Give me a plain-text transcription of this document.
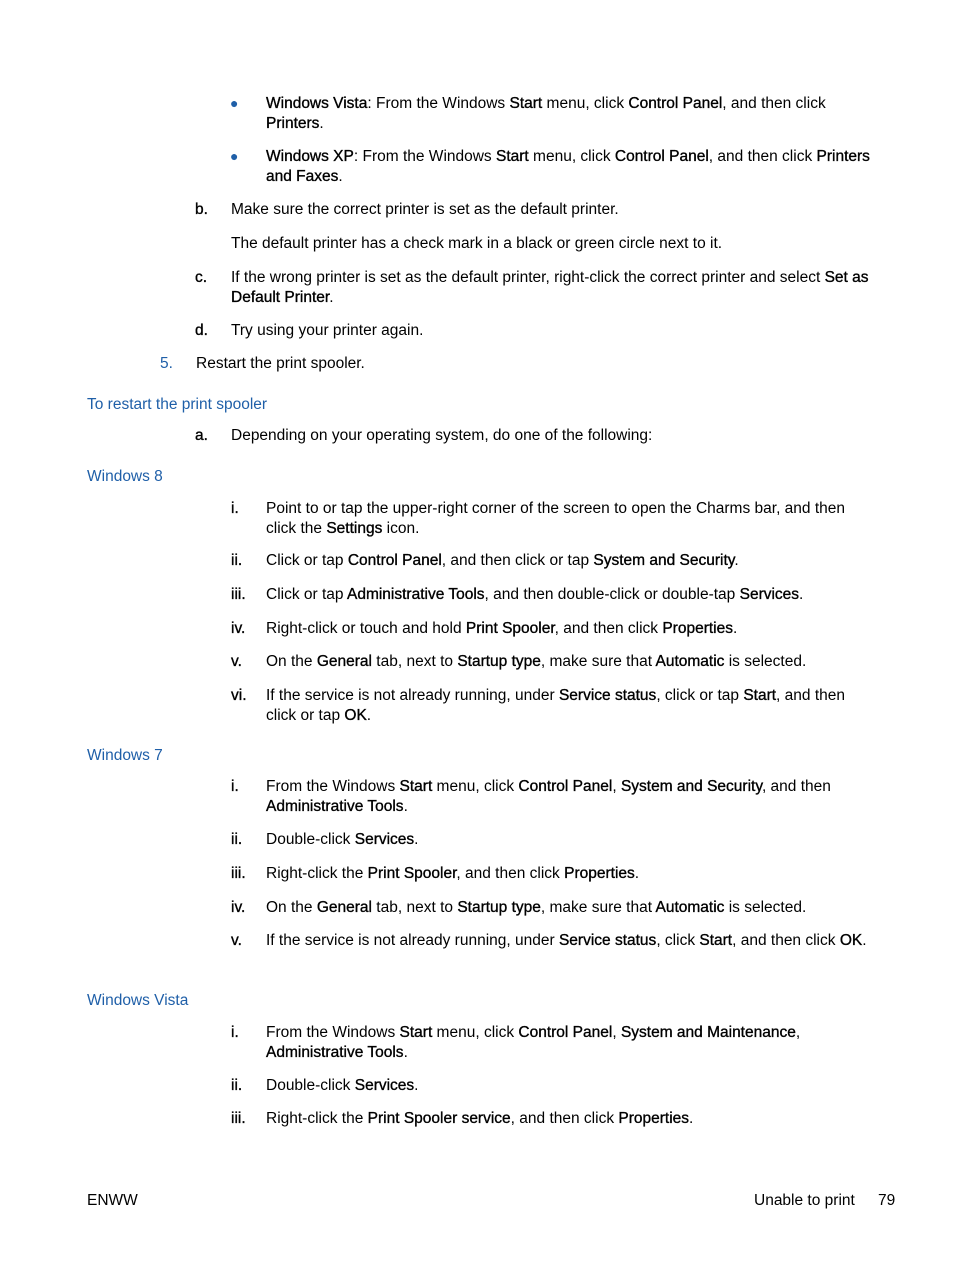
● Windows Vista: From the Windows Start menu, click Control Panel, and then click Printers.
● Windows XP: From the Windows Start menu, click Control Panel, and then click Printers and Faxes.
b. Make sure the correct printer is set as the default printer.
The default printer has a check mark in a black or green circle next to it.
c. If the wrong printer is set as the default printer, right-click the correct printer and select Set as Default Printer.
d. Try using your printer again.
5. Restart the print spooler.
To restart the print spooler
a. Depending on your operating system, do one of the following:
Windows 8
i. Point to or tap the upper-right corner of the screen to open the Charms bar, and then click the Settings icon.
ii. Click or tap Control Panel, and then click or tap System and Security.
iii. Click or tap Administrative Tools, and then double-click or double-tap Services.
iv. Right-click or touch and hold Print Spooler, and then click Properties.
v. On the General tab, next to Startup type, make sure that Automatic is selected.
vi. If the service is not already running, under Service status, click or tap Start, and then click or tap OK.
Windows 7
i. From the Windows Start menu, click Control Panel, System and Security, and then Administrative Tools.
ii. Double-click Services.
iii. Right-click the Print Spooler, and then click Properties.
iv. On the General tab, next to Startup type, make sure that Automatic is selected.
v. If the service is not already running, under Service status, click Start, and then click OK.
Windows Vista
i. From the Windows Start menu, click Control Panel, System and Maintenance, Administrative Tools.
ii. Double-click Services.
iii. Right-click the Print Spooler service, and then click Properties.
ENWW	Unable to print 79
